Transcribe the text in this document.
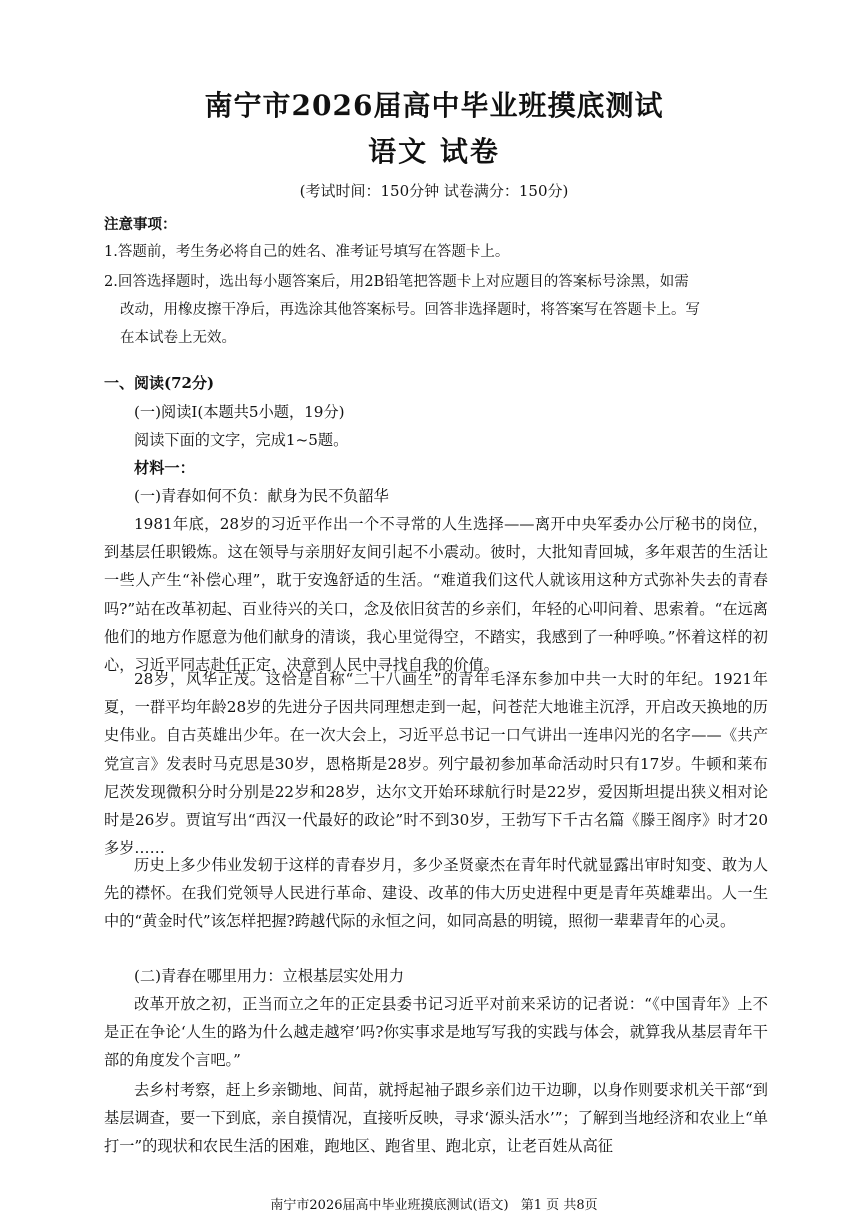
南宁市2026届高中毕业班摸底测试
语文 试卷
(考试时间：150分钟 试卷满分：150分)
注意事项：
1.答题前，考生务必将自己的姓名、准考证号填写在答题卡上。
2.回答选择题时，选出每小题答案后，用2B铅笔把答题卡上对应题目的答案标号涂黑，如需
改动，用橡皮擦干净后，再选涂其他答案标号。回答非选择题时，将答案写在答题卡上。写
在本试卷上无效。
一、阅读(72分)
(一)阅读Ⅰ(本题共5小题，19分)
阅读下面的文字，完成1~5题。
材料一：
(一)青春如何不负：献身为民不负韶华
1981年底，28岁的习近平作出一个不寻常的人生选择——离开中央军委办公厅秘书的岗位，到基层任职锻炼。这在领导与亲朋好友间引起不小震动。彼时，大批知青回城，多年艰苦的生活让一些人产生“补偿心理”，耽于安逸舒适的生活。“难道我们这代人就该用这种方式弥补失去的青春吗?”站在改革初起、百业待兴的关口，念及依旧贫苦的乡亲们，年轻的心叩问着、思索着。“在远离他们的地方作愿意为他们献身的清谈，我心里觉得空，不踏实，我感到了一种呼唤。”怀着这样的初心，习近平同志赴任正定，决意到人民中寻找自我的价值。
28岁，风华正茂。这恰是自称“二十八画生”的青年毛泽东参加中共一大时的年纪。1921年夏，一群平均年龄28岁的先进分子因共同理想走到一起，问苍茫大地谁主沉浮，开启改天换地的历史伟业。自古英雄出少年。在一次大会上，习近平总书记一口气讲出一连串闪光的名字——《共产党宣言》发表时马克思是30岁，恩格斯是28岁。列宁最初参加革命活动时只有17岁。牛顿和莱布尼茨发现微积分时分别是22岁和28岁，达尔文开始环球航行时是22岁，爱因斯坦提出狭义相对论时是26岁。贾谊写出“西汉一代最好的政论”时不到30岁，王勃写下千古名篇《滕王阁序》时才20多岁……
历史上多少伟业发轫于这样的青春岁月，多少圣贤豪杰在青年时代就显露出审时知变、敢为人先的襟怀。在我们党领导人民进行革命、建设、改革的伟大历史进程中更是青年英雄辈出。人一生中的“黄金时代”该怎样把握?跨越代际的永恒之问，如同高悬的明镜，照彻一辈辈青年的心灵。
(二)青春在哪里用力：立根基层实处用力
改革开放之初，正当而立之年的正定县委书记习近平对前来采访的记者说：“《中国青年》上不是正在争论‘人生的路为什么越走越窄’吗?你实事求是地写写我的实践与体会，就算我从基层青年干部的角度发个言吧。”
去乡村考察，赶上乡亲锄地、间苗，就捋起袖子跟乡亲们边干边聊，以身作则要求机关干部“到基层调查，要一下到底，亲自摸情况，直接听反映，寻求‘源头活水’”；了解到当地经济和农业上“单打一”的现状和农民生活的困难，跑地区、跑省里、跑北京，让老百姓从高征
南宁市2026届高中毕业班摸底测试(语文) 第1 页 共8页
